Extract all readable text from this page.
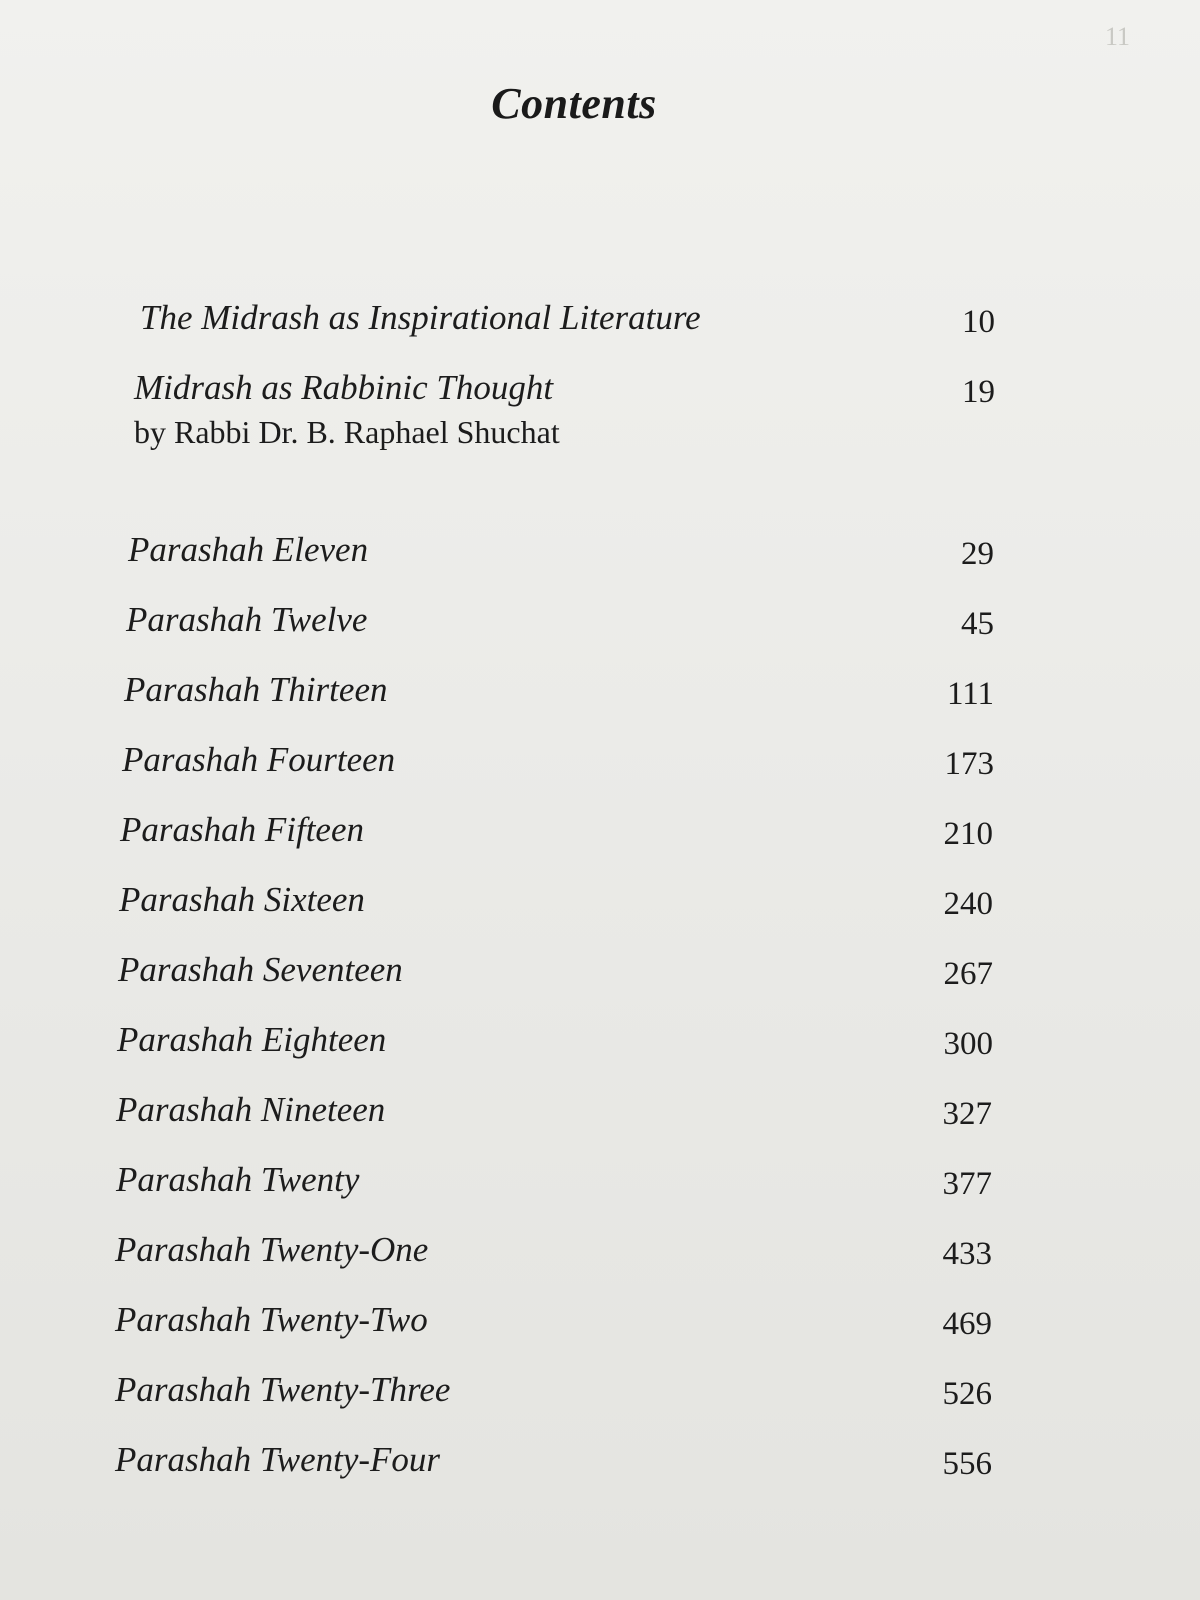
11
Contents
The Midrash as Inspirational Literature	10
Midrash as Rabbinic Thought	19
by Rabbi Dr. B. Raphael Shuchat
Parashah Eleven	29
Parashah Twelve	45
Parashah Thirteen	111
Parashah Fourteen	173
Parashah Fifteen	210
Parashah Sixteen	240
Parashah Seventeen	267
Parashah Eighteen	300
Parashah Nineteen	327
Parashah Twenty	377
Parashah Twenty-One	433
Parashah Twenty-Two	469
Parashah Twenty-Three	526
Parashah Twenty-Four	556
